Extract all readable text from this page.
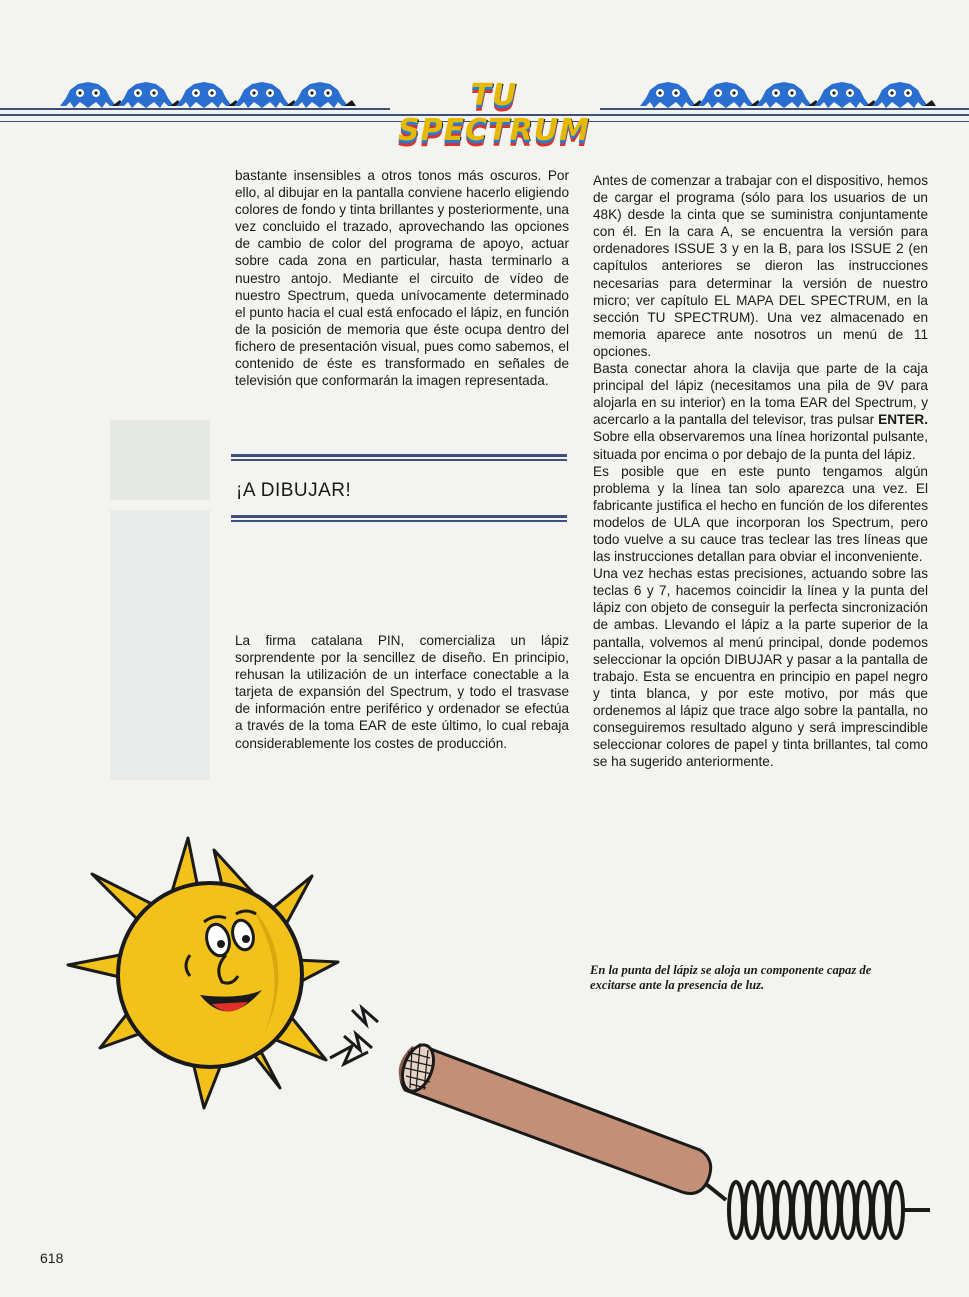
TU SPECTRUM

bastante insensibles a otros tonos más oscuros. Por ello, al dibujar en la pantalla conviene hacerlo eligiendo colores de fondo y tinta brillantes y posteriormente, una vez concluido el trazado, aprovechando las opciones de cambio de color del programa de apoyo, actuar sobre cada zona en particular, hasta terminarlo a nuestro antojo. Mediante el circuito de vídeo de nuestro Spectrum, queda unívocamente determinado el punto hacia el cual está enfocado el lápiz, en función de la posición de memoria que éste ocupa dentro del fichero de presentación visual, pues como sabemos, el contenido de éste es transformado en señales de televisión que conformarán la imagen representada.

¡A DIBUJAR!

La firma catalana PIN, comercializa un lápiz sorprendente por la sencillez de diseño. En principio, rehusan la utilización de un interface conectable a la tarjeta de expansión del Spectrum, y todo el trasvase de información entre periférico y ordenador se efectúa a través de la toma EAR de este último, lo cual rebaja considerablemente los costes de producción.

Antes de comenzar a trabajar con el dispositivo, hemos de cargar el programa (sólo para los usuarios de un 48K) desde la cinta que se suministra conjuntamente con él. En la cara A, se encuentra la versión para ordenadores ISSUE 3 y en la B, para los ISSUE 2 (en capítulos anteriores se dieron las instrucciones necesarias para determinar la versión de nuestro micro; ver capítulo EL MAPA DEL SPECTRUM, en la sección TU SPECTRUM). Una vez almacenado en memoria aparece ante nosotros un menú de 11 opciones.

Basta conectar ahora la clavija que parte de la caja principal del lápiz (necesitamos una pila de 9V para alojarla en su interior) en la toma EAR del Spectrum, y acercarlo a la pantalla del televisor, tras pulsar ENTER. Sobre ella observaremos una línea horizontal pulsante, situada por encima o por debajo de la punta del lápiz.

Es posible que en este punto tengamos algún problema y la línea tan solo aparezca una vez. El fabricante justifica el hecho en función de los diferentes modelos de ULA que incorporan los Spectrum, pero todo vuelve a su cauce tras teclear las tres líneas que las instrucciones detallan para obviar el inconveniente.

Una vez hechas estas precisiones, actuando sobre las teclas 6 y 7, hacemos coincidir la línea y la punta del lápiz con objeto de conseguir la perfecta sincronización de ambas. Llevando el lápiz a la parte superior de la pantalla, volvemos al menú principal, donde podemos seleccionar la opción DIBUJAR y pasar a la pantalla de trabajo. Esta se encuentra en principio en papel negro y tinta blanca, y por este motivo, por más que ordenemos al lápiz que trace algo sobre la pantalla, no conseguiremos resultado alguno y será imprescindible seleccionar colores de papel y tinta brillantes, tal como se ha sugerido anteriormente.

En la punta del lápiz se aloja un componente capaz de excitarse ante la presencia de luz.
618
